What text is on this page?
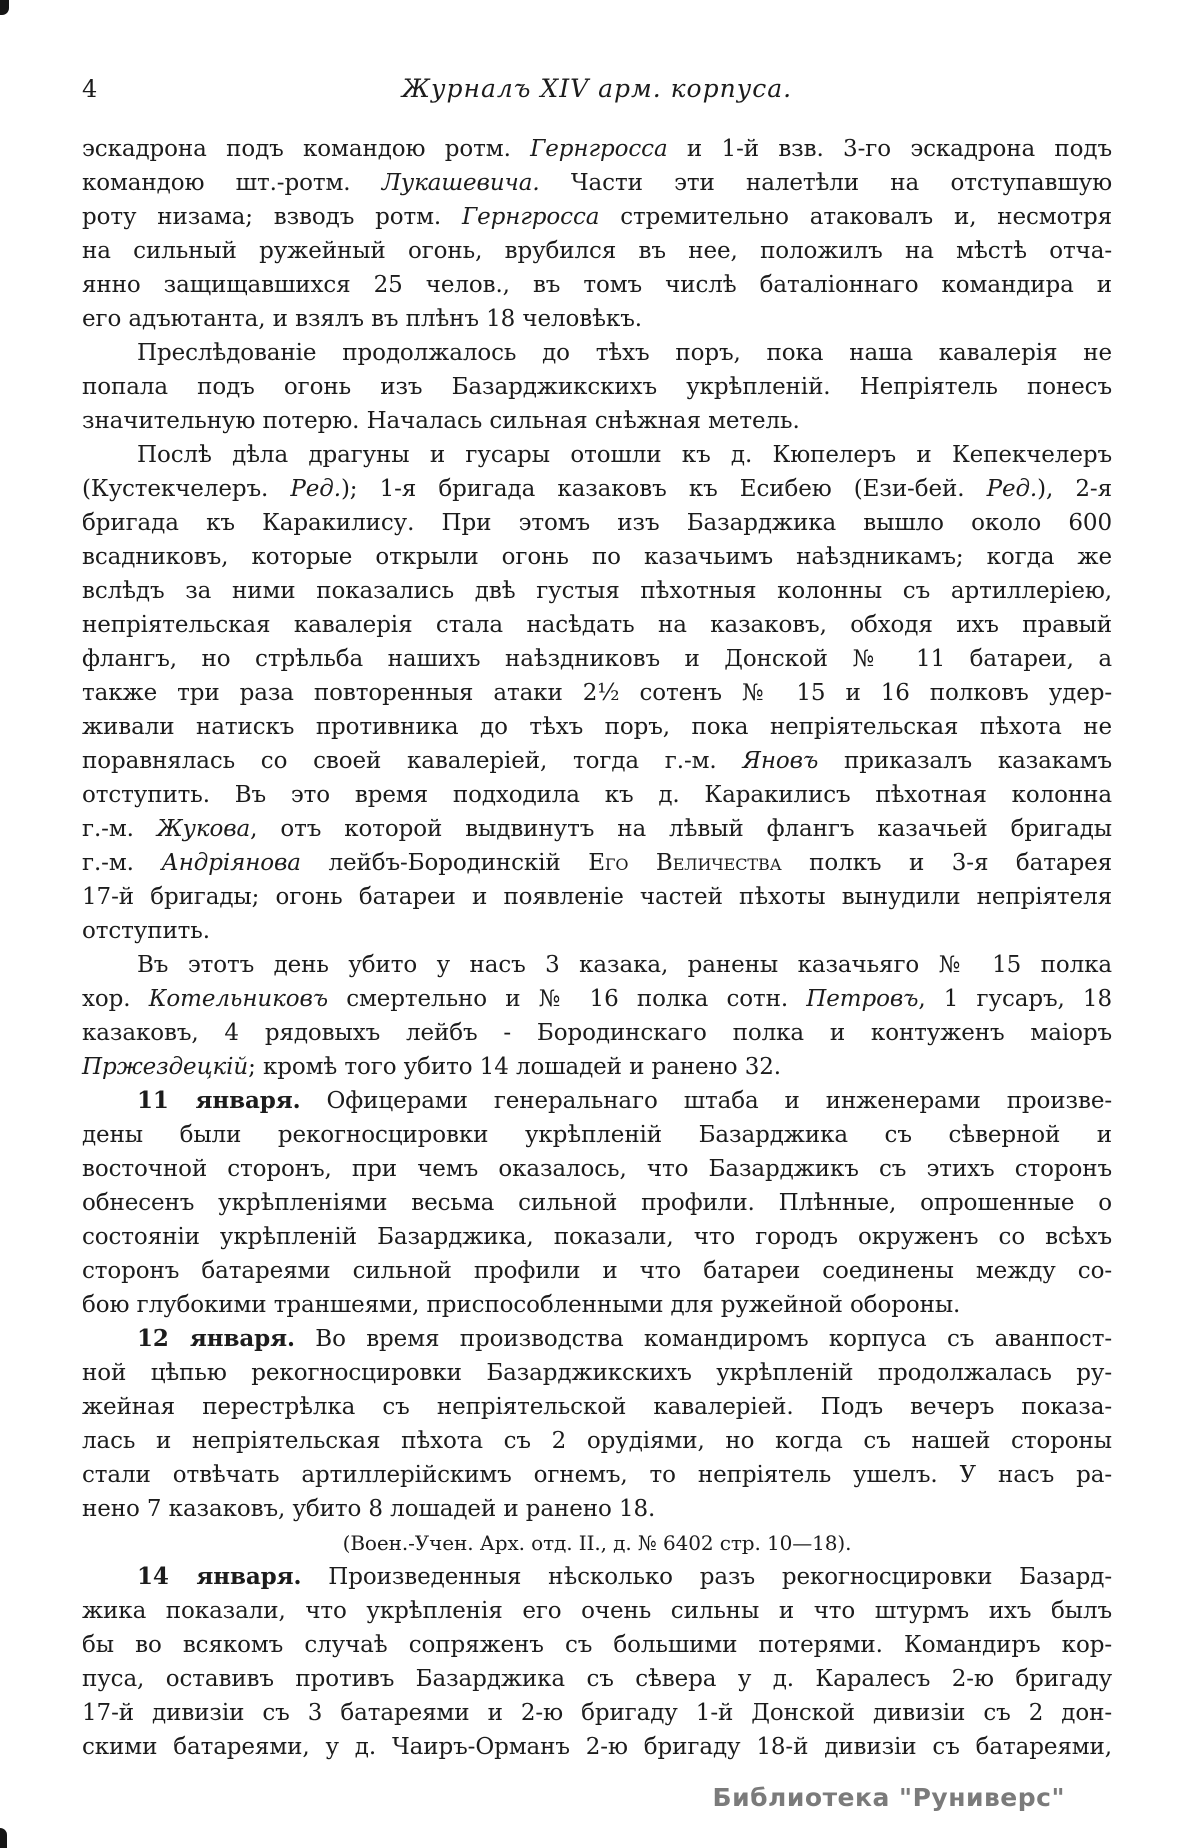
4	Журналъ XIV арм. корпуса.
эскадрона подъ командою ротм. Гернгросса и 1-й взв. 3-го эскадрона подъ
командою шт.-ротм. Лукашевича. Части эти налетѣли на отступавшую
роту низама; взводъ ротм. Гернгросса стремительно атаковалъ и, несмотря
на сильный ружейный огонь, врубился въ нее, положилъ на мѣстѣ отча-
янно защищавшихся 25 челов., въ томъ числѣ баталіоннаго командира и
его адъютанта, и взялъ въ плѣнъ 18 человѣкъ.
Преслѣдованіе продолжалось до тѣхъ поръ, пока наша кавалерія не
попала подъ огонь изъ Базарджикскихъ укрѣпленій. Непріятель понесъ
значительную потерю. Началась сильная снѣжная метель.
Послѣ дѣла драгуны и гусары отошли къ д. Кюпелеръ и Кепекчелеръ
(Кустекчелеръ. Ред.); 1-я бригада казаковъ къ Есибею (Ези-бей. Ред.), 2-я
бригада къ Каракилису. При этомъ изъ Базарджика вышло около 600
всадниковъ, которые открыли огонь по казачьимъ наѣздникамъ; когда же
вслѣдъ за ними показались двѣ густыя пѣхотныя колонны съ артиллеріею,
непріятельская кавалерія стала насѣдать на казаковъ, обходя ихъ правый
флангъ, но стрѣльба нашихъ наѣздниковъ и Донской № 11 батареи, а
также три раза повторенныя атаки 2½ сотенъ № 15 и 16 полковъ удер-
живали натискъ противника до тѣхъ поръ, пока непріятельская пѣхота не
поравнялась со своей кавалеріей, тогда г.-м. Яновъ приказалъ казакамъ
отступить. Въ это время подходила къ д. Каракилисъ пѣхотная колонна
г.-м. Жукова, отъ которой выдвинутъ на лѣвый флангъ казачьей бригады
г.-м. Андріянова лейбъ-Бородинскій Его Величества полкъ и 3-я батарея
17-й бригады; огонь батареи и появленіе частей пѣхоты вынудили непріятеля
отступить.
Въ этотъ день убито у насъ 3 казака, ранены казачьяго № 15 полка
хор. Котельниковъ смертельно и № 16 полка сотн. Петровъ, 1 гусаръ, 18
казаковъ, 4 рядовыхъ лейбъ - Бородинскаго полка и контуженъ маіоръ
Пржездецкій; кромѣ того убито 14 лошадей и ранено 32.
11 января. Офицерами генеральнаго штаба и инженерами произве-
дены были рекогносцировки укрѣпленій Базарджика съ сѣверной и
восточной сторонъ, при чемъ оказалось, что Базарджикъ съ этихъ сторонъ
обнесенъ укрѣпленіями весьма сильной профили. Плѣнные, опрошенные о
состояніи укрѣпленій Базарджика, показали, что городъ окруженъ со всѣхъ
сторонъ батареями сильной профили и что батареи соединены между со-
бою глубокими траншеями, приспособленными для ружейной обороны.
12 января. Во время производства командиромъ корпуса съ аванпост-
ной цѣпью рекогносцировки Базарджикскихъ укрѣпленій продолжалась ру-
жейная перестрѣлка съ непріятельской кавалеріей. Подъ вечеръ показа-
лась и непріятельская пѣхота съ 2 орудіями, но когда съ нашей стороны
стали отвѣчать артиллерійскимъ огнемъ, то непріятель ушелъ. У насъ ра-
нено 7 казаковъ, убито 8 лошадей и ранено 18.
(Воен.-Учен. Арх. отд. II., д. № 6402 стр. 10—18).
14 января. Произведенныя нѣсколько разъ рекогносцировки Базард-
жика показали, что укрѣпленія его очень сильны и что штурмъ ихъ былъ
бы во всякомъ случаѣ сопряженъ съ большими потерями. Командиръ кор-
пуса, оставивъ противъ Базарджика съ сѣвера у д. Каралесъ 2-ю бригаду
17-й дивизіи съ 3 батареями и 2-ю бригаду 1-й Донской дивизіи съ 2 дон-
скими батареями, у д. Чаиръ-Орманъ 2-ю бригаду 18-й дивизіи съ батареями,
Библиотека "Руниверс"
